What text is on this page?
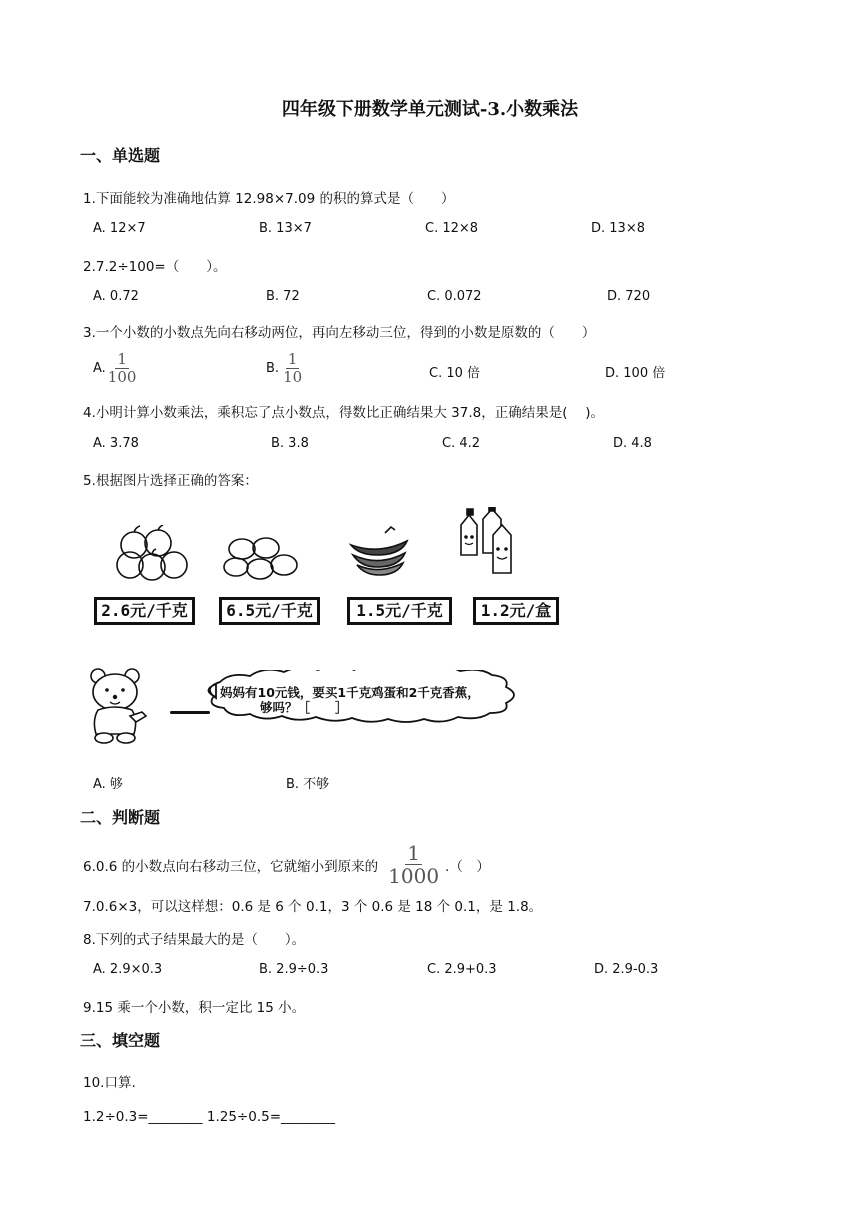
四年级下册数学单元测试-3.小数乘法
一、单选题
1.下面能较为准确地估算 12.98×7.09 的积的算式是（　　）
A. 12×7	B. 13×7	C. 12×8	D. 13×8
2.7.2÷100=（　　）。
A. 0.72	B. 72	C. 0.072	D. 720
3.一个小数的小数点先向右移动两位，再向左移动三位，得到的小数是原数的（　　）
A. $\frac{1}{100}$	B. $\frac{1}{10}$	C. 10 倍	D. 100 倍
4.小明计算小数乘法，乘积忘了点小数点，得数比正确结果大 37.8，正确结果是(　 )。
A. 3.78	B. 3.8	C. 4.2	D. 4.8
5.根据图片选择正确的答案：
2.6元/千克	6.5元/千克	1.5元/千克	1.2元/盒
妈妈有10元钱，要买1千克鸡蛋和2千克香蕉，
够吗？［　　］
A. 够	B. 不够
二、判断题
6.0.6 的小数点向右移动三位，它就缩小到原来的 $\frac{1}{1000}$ .（　）
7.0.6×3，可以这样想：0.6 是 6 个 0.1，3 个 0.6 是 18 个 0.1，是 1.8。
8.下列的式子结果最大的是（　　）。
A. 2.9×0.3	B. 2.9÷0.3	C. 2.9+0.3	D. 2.9-0.3
9.15 乘一个小数，积一定比 15 小。
三、填空题
10.口算.
1.2÷0.3=________ 1.25÷0.5=________
